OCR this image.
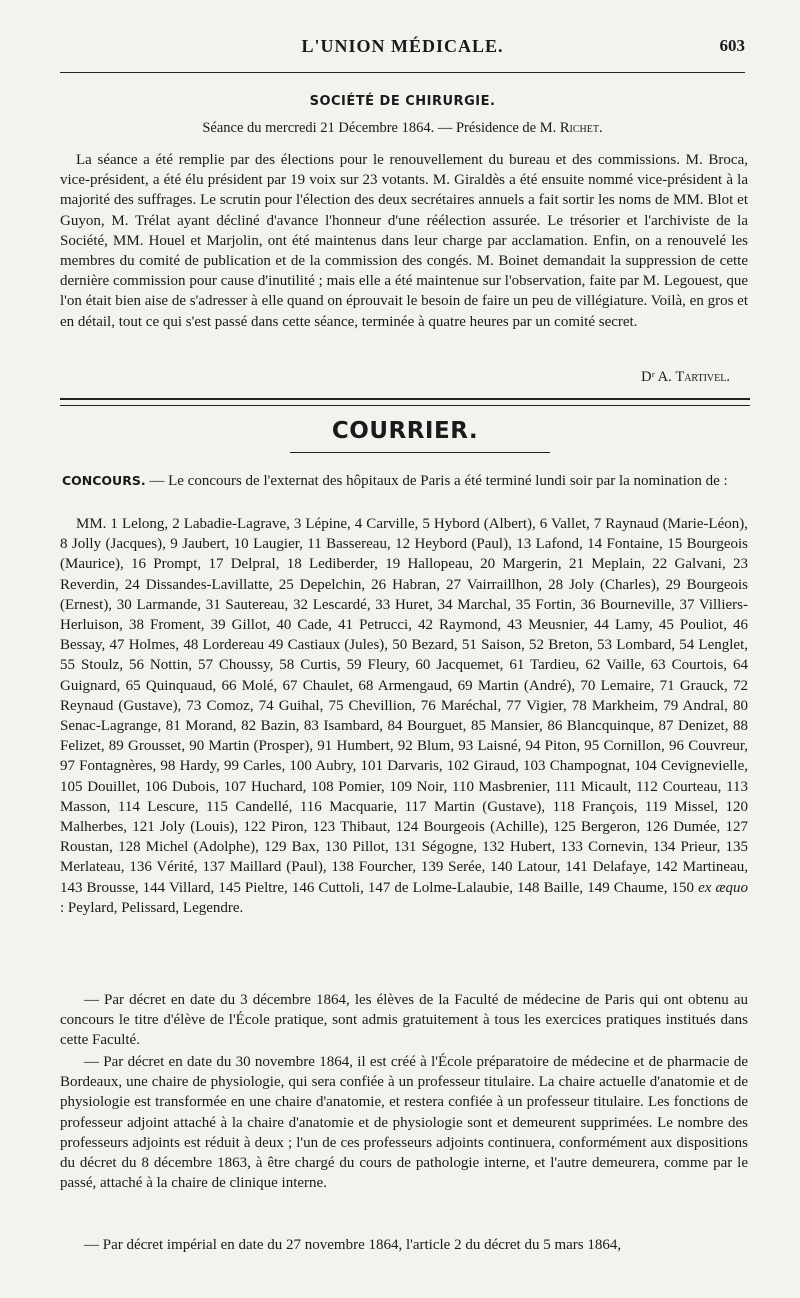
L'UNION MÉDICALE.	603
SOCIÉTÉ DE CHIRURGIE.
Séance du mercredi 21 Décembre 1864. — Présidence de M. Richet.
La séance a été remplie par des élections pour le renouvellement du bureau et des commissions. M. Broca, vice-président, a été élu président par 19 voix sur 23 votants. M. Giraldès a été ensuite nommé vice-président à la majorité des suffrages. Le scrutin pour l'élection des deux secrétaires annuels a fait sortir les noms de MM. Blot et Guyon, M. Trélat ayant décliné d'avance l'honneur d'une réélection assurée. Le trésorier et l'archiviste de la Société, MM. Houel et Marjolin, ont été maintenus dans leur charge par acclamation. Enfin, on a renouvelé les membres du comité de publication et de la commission des congés. M. Boinet demandait la suppression de cette dernière commission pour cause d'inutilité ; mais elle a été maintenue sur l'observation, faite par M. Legouest, que l'on était bien aise de s'adresser à elle quand on éprouvait le besoin de faire un peu de villégiature. Voilà, en gros et en détail, tout ce qui s'est passé dans cette séance, terminée à quatre heures par un comité secret.
Dʳ A. Tartivel.
COURRIER.
CONCOURS. — Le concours de l'externat des hôpitaux de Paris a été terminé lundi soir par la nomination de :
MM. 1 Lelong, 2 Labadie-Lagrave, 3 Lépine, 4 Carville, 5 Hybord (Albert), 6 Vallet, 7 Raynaud (Marie-Léon), 8 Jolly (Jacques), 9 Jaubert, 10 Laugier, 11 Bassereau, 12 Heybord (Paul), 13 Lafond, 14 Fontaine, 15 Bourgeois (Maurice), 16 Prompt, 17 Delpral, 18 Lediberder, 19 Hallopeau, 20 Margerin, 21 Meplain, 22 Galvani, 23 Reverdin, 24 Dissandes-Lavillatte, 25 Depelchin, 26 Habran, 27 Vairraillhon, 28 Joly (Charles), 29 Bourgeois (Ernest), 30 Larmande, 31 Sautereau, 32 Lescardé, 33 Huret, 34 Marchal, 35 Fortin, 36 Bourneville, 37 Villiers-Herluison, 38 Froment, 39 Gillot, 40 Cade, 41 Petrucci, 42 Raymond, 43 Meusnier, 44 Lamy, 45 Pouliot, 46 Bessay, 47 Holmes, 48 Lordereau 49 Castiaux (Jules), 50 Bezard, 51 Saison, 52 Breton, 53 Lombard, 54 Lenglet, 55 Stoulz, 56 Nottin, 57 Choussy, 58 Curtis, 59 Fleury, 60 Jacquemet, 61 Tardieu, 62 Vaille, 63 Courtois, 64 Guignard, 65 Quinquaud, 66 Molé, 67 Chaulet, 68 Armengaud, 69 Martin (André), 70 Lemaire, 71 Grauck, 72 Reynaud (Gustave), 73 Comoz, 74 Guihal, 75 Chevillion, 76 Maréchal, 77 Vigier, 78 Markheim, 79 Andral, 80 Senac-Lagrange, 81 Morand, 82 Bazin, 83 Isambard, 84 Bourguet, 85 Mansier, 86 Blancquinque, 87 Denizet, 88 Felizet, 89 Grousset, 90 Martin (Prosper), 91 Humbert, 92 Blum, 93 Laisné, 94 Piton, 95 Cornillon, 96 Couvreur, 97 Fontagnères, 98 Hardy, 99 Carles, 100 Aubry, 101 Darvaris, 102 Giraud, 103 Champognat, 104 Cevignevielle, 105 Douillet, 106 Dubois, 107 Huchard, 108 Pomier, 109 Noir, 110 Masbrenier, 111 Micault, 112 Courteau, 113 Masson, 114 Lescure, 115 Candellé, 116 Macquarie, 117 Martin (Gustave), 118 François, 119 Missel, 120 Malherbes, 121 Joly (Louis), 122 Piron, 123 Thibaut, 124 Bourgeois (Achille), 125 Bergeron, 126 Dumée, 127 Roustan, 128 Michel (Adolphe), 129 Bax, 130 Pillot, 131 Ségogne, 132 Hubert, 133 Cornevin, 134 Prieur, 135 Merlateau, 136 Vérité, 137 Maillard (Paul), 138 Fourcher, 139 Serée, 140 Latour, 141 Delafaye, 142 Martineau, 143 Brousse, 144 Villard, 145 Pieltre, 146 Cuttoli, 147 de Lolme-Lalaubie, 148 Baille, 149 Chaume, 150 ex æquo : Peylard, Pelissard, Legendre.
— Par décret en date du 3 décembre 1864, les élèves de la Faculté de médecine de Paris qui ont obtenu au concours le titre d'élève de l'École pratique, sont admis gratuitement à tous les exercices pratiques institués dans cette Faculté.
— Par décret en date du 30 novembre 1864, il est créé à l'École préparatoire de médecine et de pharmacie de Bordeaux, une chaire de physiologie, qui sera confiée à un professeur titulaire. La chaire actuelle d'anatomie et de physiologie est transformée en une chaire d'anatomie, et restera confiée à un professeur titulaire. Les fonctions de professeur adjoint attaché à la chaire d'anatomie et de physiologie sont et demeurent supprimées. Le nombre des professeurs adjoints est réduit à deux ; l'un de ces professeurs adjoints continuera, conformément aux dispositions du décret du 8 décembre 1863, à être chargé du cours de pathologie interne, et l'autre demeurera, comme par le passé, attaché à la chaire de clinique interne.
— Par décret impérial en date du 27 novembre 1864, l'article 2 du décret du 5 mars 1864,
